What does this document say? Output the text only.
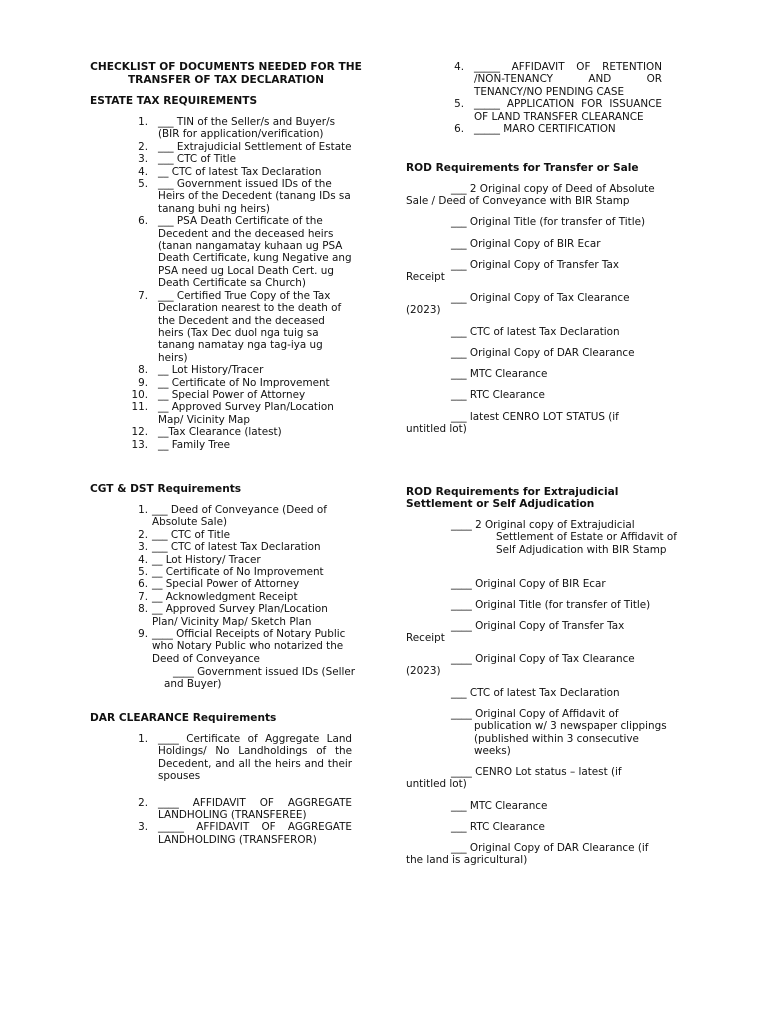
CHECKLIST OF DOCUMENTS NEEDED FOR THE TRANSFER OF TAX DECLARATION
ESTATE TAX REQUIREMENTS
1. ___ TIN of the Seller/s and Buyer/s (BIR for application/verification)
2. ___ Extrajudicial Settlement of Estate
3. ___ CTC of Title
4. __ CTC of latest Tax Declaration
5. ___ Government issued IDs of the Heirs of the Decedent (tanang IDs sa tanang buhi ng heirs)
6. ___ PSA Death Certificate of the Decedent and the deceased heirs (tanan nangamatay kuhaan ug PSA Death Certificate, kung Negative ang PSA need ug Local Death Cert. ug Death Certificate sa Church)
7. ___ Certified True Copy of the Tax Declaration nearest to the death of the Decedent and the deceased heirs (Tax Dec duol nga tuig sa tanang namatay nga tag-iya ug heirs)
8. __ Lot History/Tracer
9. __ Certificate of No Improvement
10. __ Special Power of Attorney
11. __ Approved Survey Plan/Location Map/ Vicinity Map
12. __Tax Clearance (latest)
13. __ Family Tree
CGT & DST Requirements
1. ___ Deed of Conveyance (Deed of Absolute Sale)
2. ___ CTC of Title
3. ___ CTC of latest Tax Declaration
4. __ Lot History/ Tracer
5. __ Certificate of No Improvement
6. __ Special Power of Attorney
7. __ Acknowledgment Receipt
8. __ Approved Survey Plan/Location Plan/ Vicinity Map/ Sketch Plan
9. ____ Official Receipts of Notary Public who Notary Public who notarized the Deed of Conveyance
____ Government issued IDs (Seller and Buyer)
DAR CLEARANCE Requirements
1. ____ Certificate of Aggregate Land Holdings/ No Landholdings of the Decedent, and all the heirs and their spouses
2. ____ AFFIDAVIT OF AGGREGATE LANDHOLING (TRANSFEREE)
3. _____ AFFIDAVIT OF AGGREGATE LANDHOLDING (TRANSFEROR)
4. _____ AFFIDAVIT OF RETENTION /NON-TENANCY AND OR TENANCY/NO PENDING CASE
5. _____ APPLICATION FOR ISSUANCE OF LAND TRANSFER CLEARANCE
6. _____ MARO CERTIFICATION
ROD Requirements for Transfer or Sale
___ 2 Original copy of Deed of Absolute
Sale / Deed of Conveyance with BIR Stamp
___ Original Title (for transfer of Title)
___ Original Copy of BIR Ecar
___ Original Copy of Transfer Tax
Receipt
___ Original Copy of Tax Clearance
(2023)
___ CTC of latest Tax Declaration
___ Original Copy of DAR Clearance
___ MTC Clearance
___ RTC Clearance
___ latest CENRO LOT STATUS (if
untitled lot)
ROD Requirements for Extrajudicial Settlement or Self Adjudication
____ 2 Original copy of Extrajudicial
Settlement of Estate or Affidavit of Self Adjudication with BIR Stamp
____ Original Copy of BIR Ecar
____ Original Title (for transfer of Title)
____ Original Copy of Transfer Tax
Receipt
____ Original Copy of Tax Clearance
(2023)
___ CTC of latest Tax Declaration
____ Original Copy of Affidavit of
publication w/ 3 newspaper clippings (published within 3 consecutive weeks)
____ CENRO Lot status – latest (if
untitled lot)
___ MTC Clearance
___ RTC Clearance
___ Original Copy of DAR Clearance (if
the land is agricultural)
